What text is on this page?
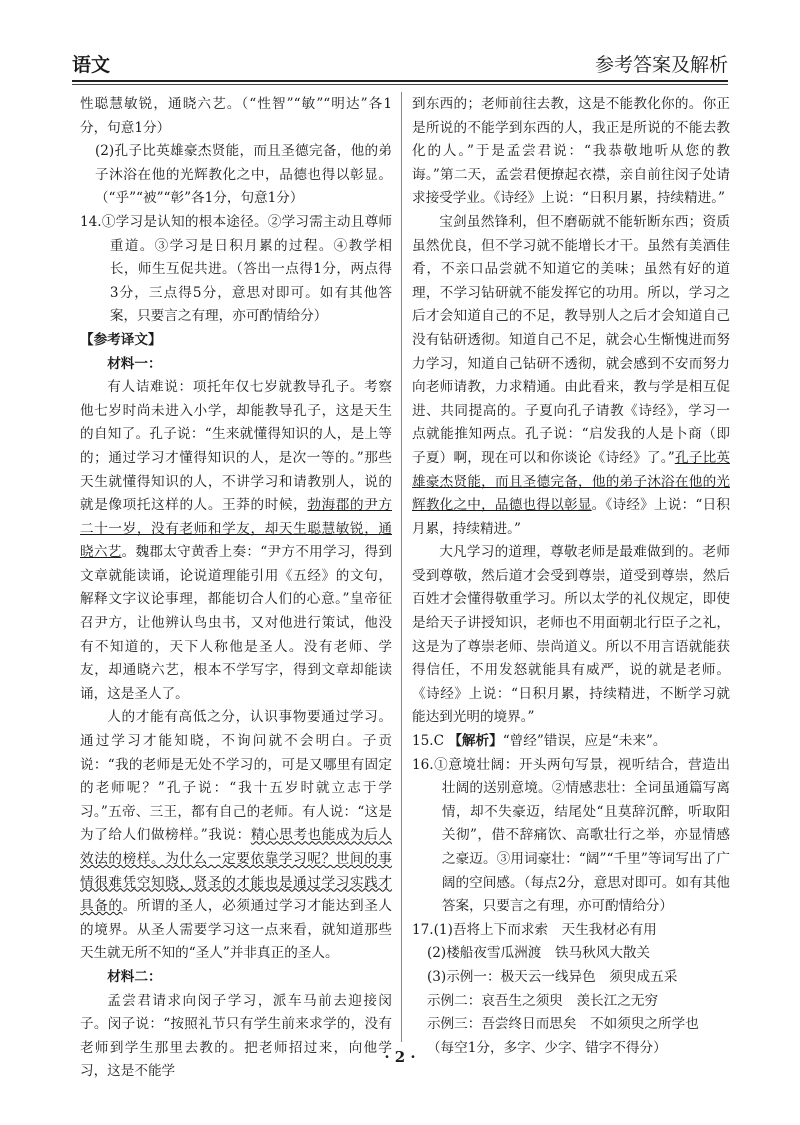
语文	参考答案及解析

性聪慧敏锐，通晓六艺。（“性智”“敏”“明达”各1分，句意1分）

(2)孔子比英雄豪杰贤能，而且圣德完备，他的弟子沐浴在他的光辉教化之中，品德也得以彰显。（“乎”“被”“彰”各1分，句意1分）

14.①学习是认知的根本途径。②学习需主动且尊师重道。③学习是日积月累的过程。④教学相长，师生互促共进。（答出一点得1分，两点得3分，三点得5分，意思对即可。如有其他答案，只要言之有理，亦可酌情给分）

【参考译文】

材料一：

有人诘难说：项托年仅七岁就教导孔子。考察他七岁时尚未进入小学，却能教导孔子，这是天生的自知了。孔子说：“生来就懂得知识的人，是上等的；通过学习才懂得知识的人，是次一等的。”那些天生就懂得知识的人，不讲学习和请教别人，说的就是像项托这样的人。王莽的时候，勃海郡的尹方二十一岁，没有老师和学友，却天生聪慧敏锐，通晓六艺。魏郡太守黄香上奏：“尹方不用学习，得到文章就能读诵，论说道理能引用《五经》的文句，解释文字议论事理，都能切合人们的心意。”皇帝征召尹方，让他辨认鸟虫书，又对他进行策试，他没有不知道的，天下人称他是圣人。没有老师、学友，却通晓六艺，根本不学写字，得到文章却能读诵，这是圣人了。

人的才能有高低之分，认识事物要通过学习。通过学习才能知晓，不询问就不会明白。子贡说：“我的老师是无处不学习的，可是又哪里有固定的老师呢？”孔子说：“我十五岁时就立志于学习。”五帝、三王，都有自己的老师。有人说：“这是为了给人们做榜样。”我说：精心思考也能成为后人效法的榜样。为什么一定要依靠学习呢？世间的事情很难凭空知晓，贤圣的才能也是通过学习实践才具备的。所谓的圣人，必须通过学习才能达到圣人的境界。从圣人需要学习这一点来看，就知道那些天生就无所不知的“圣人”并非真正的圣人。

材料二：

孟尝君请求向闵子学习，派车马前去迎接闵子。闵子说：“按照礼节只有学生前来求学的，没有老师到学生那里去教的。把老师招过来，向他学习，这是不能学

到东西的；老师前往去教，这是不能教化你的。你正是所说的不能学到东西的人，我正是所说的不能去教化的人。”于是孟尝君说：“我恭敬地听从您的教诲。”第二天，孟尝君便撩起衣襟，亲自前往闵子处请求接受学业。《诗经》上说：“日积月累，持续精进。”

宝剑虽然锋利，但不磨砺就不能斩断东西；资质虽然优良，但不学习就不能增长才干。虽然有美酒佳肴，不亲口品尝就不知道它的美味；虽然有好的道理，不学习钻研就不能发挥它的功用。所以，学习之后才会知道自己的不足，教导别人之后才会知道自己没有钻研透彻。知道自己不足，就会心生惭愧进而努力学习，知道自己钻研不透彻，就会感到不安而努力向老师请教，力求精通。由此看来，教与学是相互促进、共同提高的。子夏向孔子请教《诗经》，学习一点就能推知两点。孔子说：“启发我的人是卜商（即子夏）啊，现在可以和你谈论《诗经》了。”孔子比英雄豪杰贤能，而且圣德完备，他的弟子沐浴在他的光辉教化之中，品德也得以彰显。《诗经》上说：“日积月累，持续精进。”

大凡学习的道理，尊敬老师是最难做到的。老师受到尊敬，然后道才会受到尊崇，道受到尊崇，然后百姓才会懂得敬重学习。所以太学的礼仪规定，即使是给天子讲授知识，老师也不用面朝北行臣子之礼，这是为了尊崇老师、崇尚道义。所以不用言语就能获得信任，不用发怒就能具有威严，说的就是老师。《诗经》上说：“日积月累，持续精进，不断学习就能达到光明的境界。”

15.C 【解析】“曾经”错误，应是“未来”。

16.①意境壮阔：开头两句写景，视听结合，营造出壮阔的送别意境。②情感悲壮：全词虽通篇写离情，却不失豪迈，结尾处“且莫辞沉醉，听取阳关彻”，借不辞痛饮、高歌壮行之举，亦显情感之豪迈。③用词豪壮：“阔”“千里”等词写出了广阔的空间感。（每点2分，意思对即可。如有其他答案，只要言之有理，亦可酌情给分）

17.(1)吾将上下而求索　天生我材必有用

(2)楼船夜雪瓜洲渡　铁马秋风大散关

(3)示例一：极天云一线异色　须臾成五采

示例二：哀吾生之须臾　羡长江之无穷

示例三：吾尝终日而思矣　不如须臾之所学也

（每空1分，多字、少字、错字不得分）

· 2 ·
